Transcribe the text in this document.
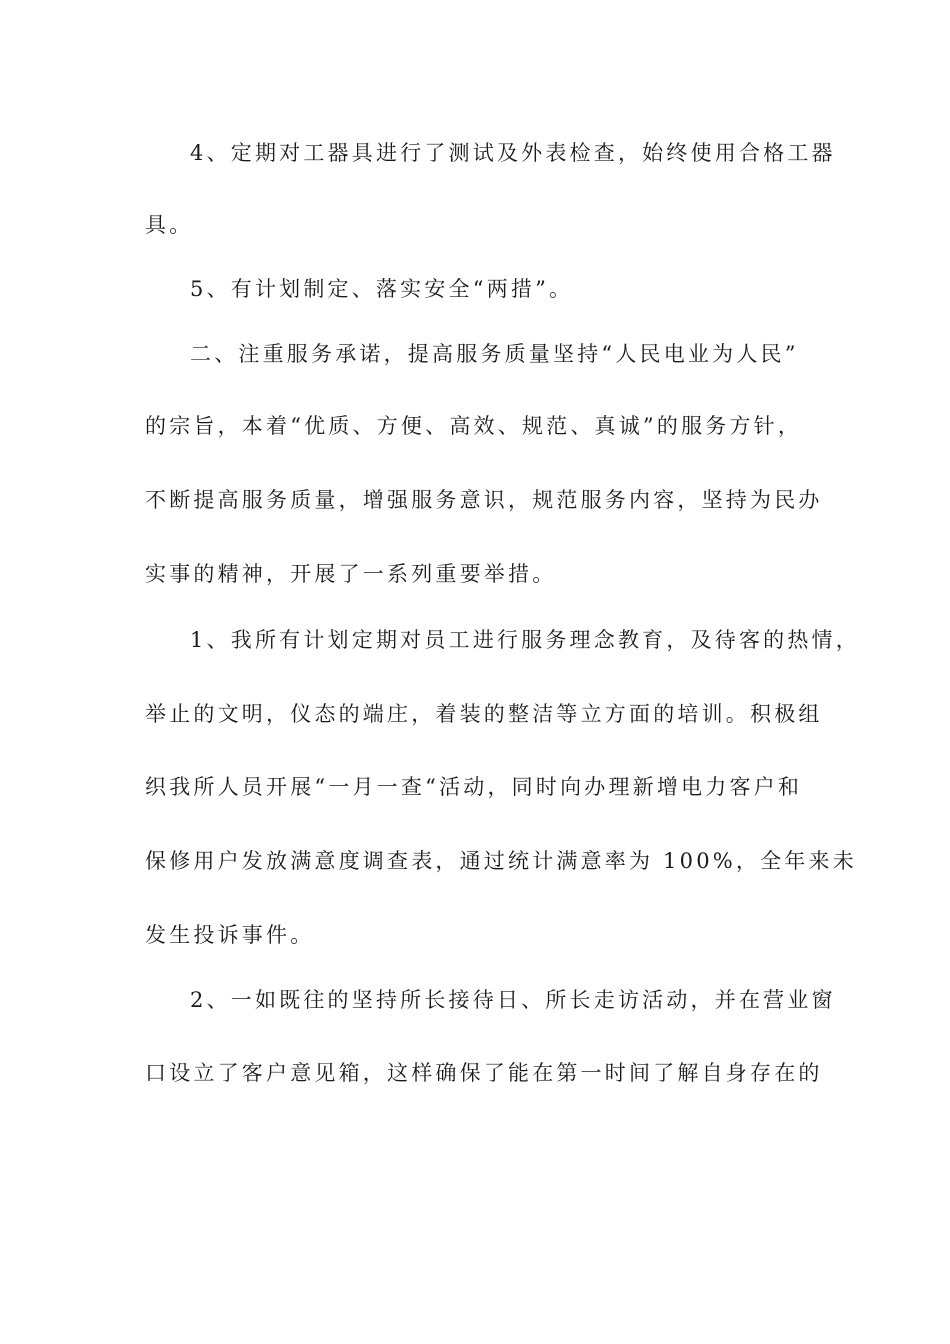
4、定期对工器具进行了测试及外表检查，始终使用合格工器
具。
5、有计划制定、落实安全“两措”。
二、注重服务承诺，提高服务质量坚持“人民电业为人民”
的宗旨，本着“优质、方便、高效、规范、真诚”的服务方针，
不断提高服务质量，增强服务意识，规范服务内容，坚持为民办
实事的精神，开展了一系列重要举措。
1、我所有计划定期对员工进行服务理念教育，及待客的热情，
举止的文明，仪态的端庄，着装的整洁等立方面的培训。积极组
织我所人员开展“一月一查“活动，同时向办理新增电力客户和
保修用户发放满意度调查表，通过统计满意率为 100%，全年来未
发生投诉事件。
2、一如既往的坚持所长接待日、所长走访活动，并在营业窗
口设立了客户意见箱，这样确保了能在第一时间了解自身存在的
